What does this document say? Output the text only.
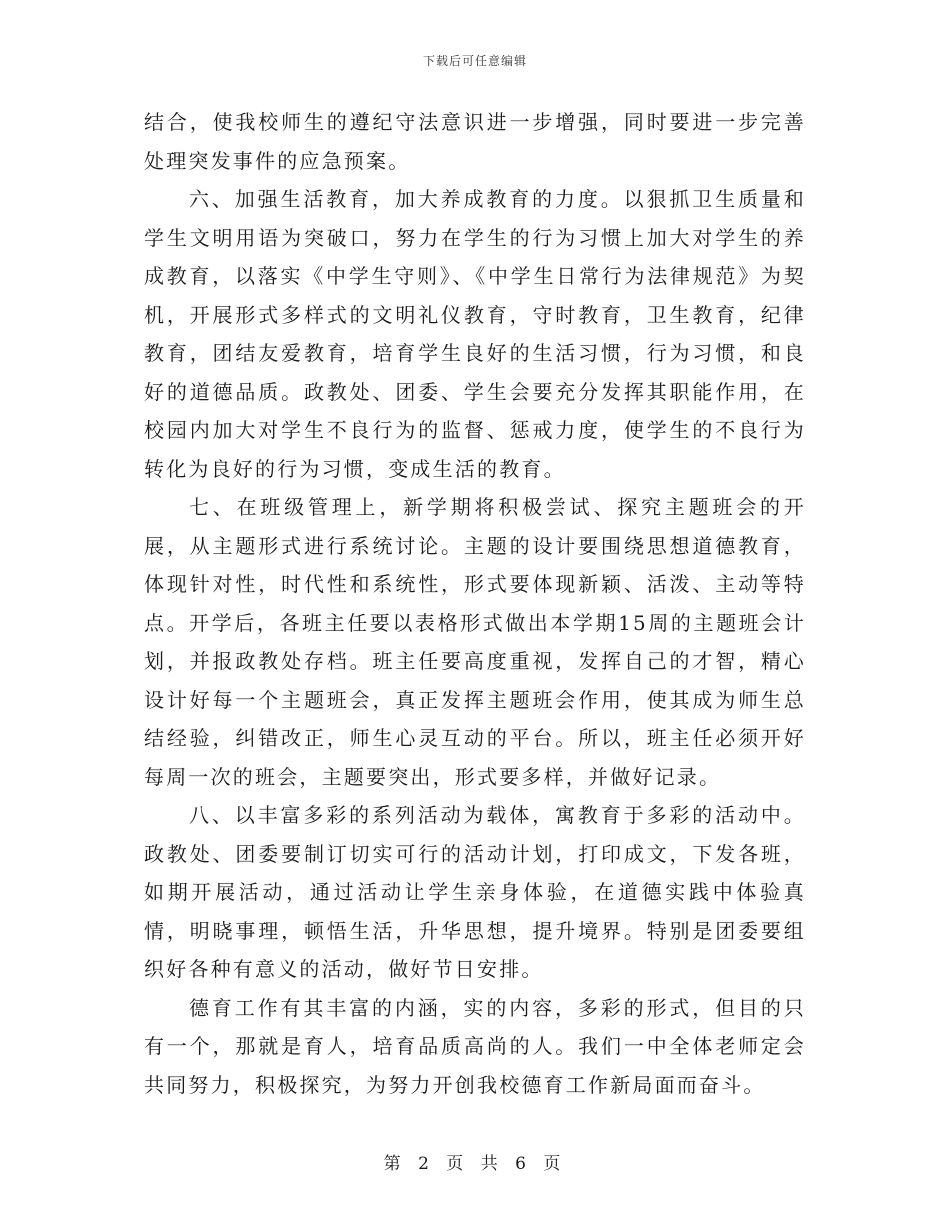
下载后可任意编辑

结合，使我校师生的遵纪守法意识进一步增强，同时要进一步完善处理突发事件的应急预案。

六、加强生活教育，加大养成教育的力度。以狠抓卫生质量和学生文明用语为突破口，努力在学生的行为习惯上加大对学生的养成教育，以落实《中学生守则》、《中学生日常行为法律规范》为契机，开展形式多样式的文明礼仪教育，守时教育，卫生教育，纪律教育，团结友爱教育，培育学生良好的生活习惯，行为习惯，和良好的道德品质。政教处、团委、学生会要充分发挥其职能作用，在校园内加大对学生不良行为的监督、惩戒力度，使学生的不良行为转化为良好的行为习惯，变成生活的教育。

七、在班级管理上，新学期将积极尝试、探究主题班会的开展，从主题形式进行系统讨论。主题的设计要围绕思想道德教育，体现针对性，时代性和系统性，形式要体现新颖、活泼、主动等特点。开学后，各班主任要以表格形式做出本学期15周的主题班会计划，并报政教处存档。班主任要高度重视，发挥自己的才智，精心设计好每一个主题班会，真正发挥主题班会作用，使其成为师生总结经验，纠错改正，师生心灵互动的平台。所以，班主任必须开好每周一次的班会，主题要突出，形式要多样，并做好记录。

八、以丰富多彩的系列活动为载体，寓教育于多彩的活动中。政教处、团委要制订切实可行的活动计划，打印成文，下发各班，如期开展活动，通过活动让学生亲身体验，在道德实践中体验真情，明晓事理，顿悟生活，升华思想，提升境界。特别是团委要组织好各种有意义的活动，做好节日安排。

德育工作有其丰富的内涵，实的内容，多彩的形式，但目的只有一个，那就是育人，培育品质高尚的人。我们一中全体老师定会共同努力，积极探究，为努力开创我校德育工作新局面而奋斗。

第 2 页 共 6 页
